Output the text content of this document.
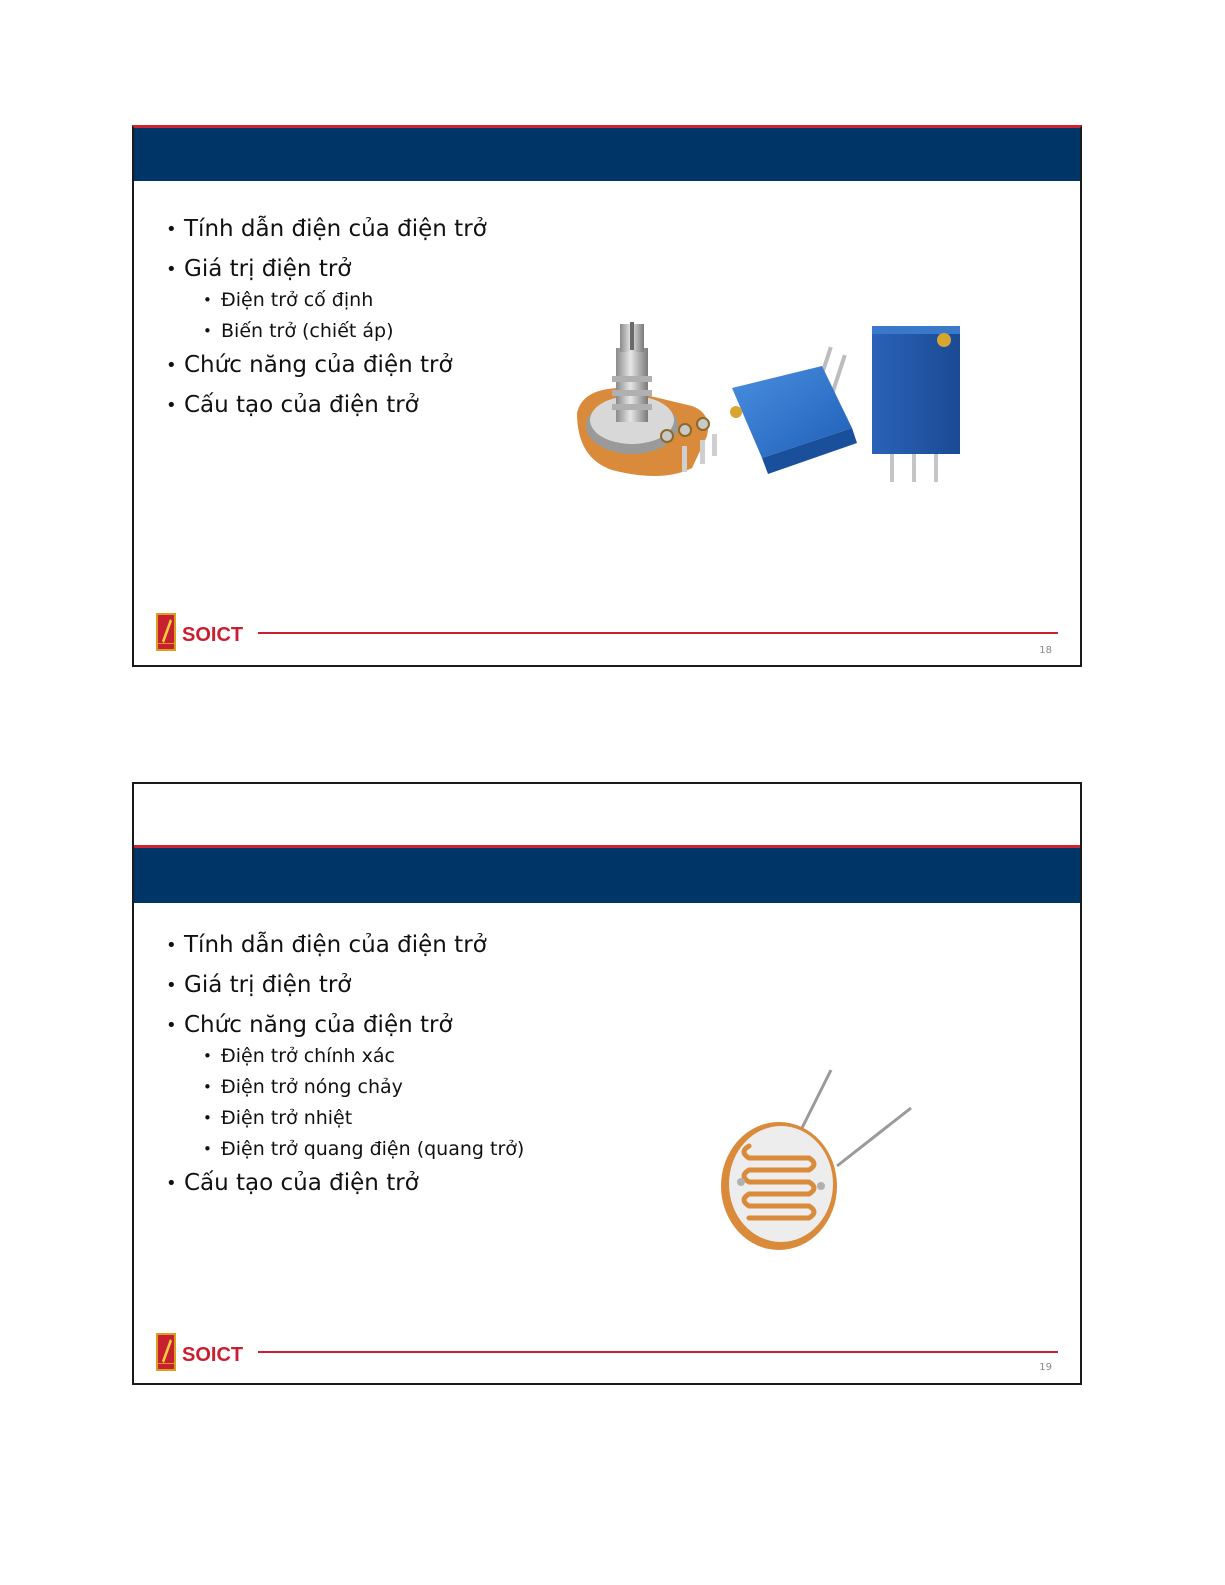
• Tính dẫn điện của điện trở
• Giá trị điện trở
• Điện trở cố định
• Biến trở (chiết áp)
• Chức năng của điện trở
• Cấu tạo của điện trở
SOICT
18
• Tính dẫn điện của điện trở
• Giá trị điện trở
• Chức năng của điện trở
• Điện trở chính xác
• Điện trở nóng chảy
• Điện trở nhiệt
• Điện trở quang điện (quang trở)
• Cấu tạo của điện trở
SOICT
19
